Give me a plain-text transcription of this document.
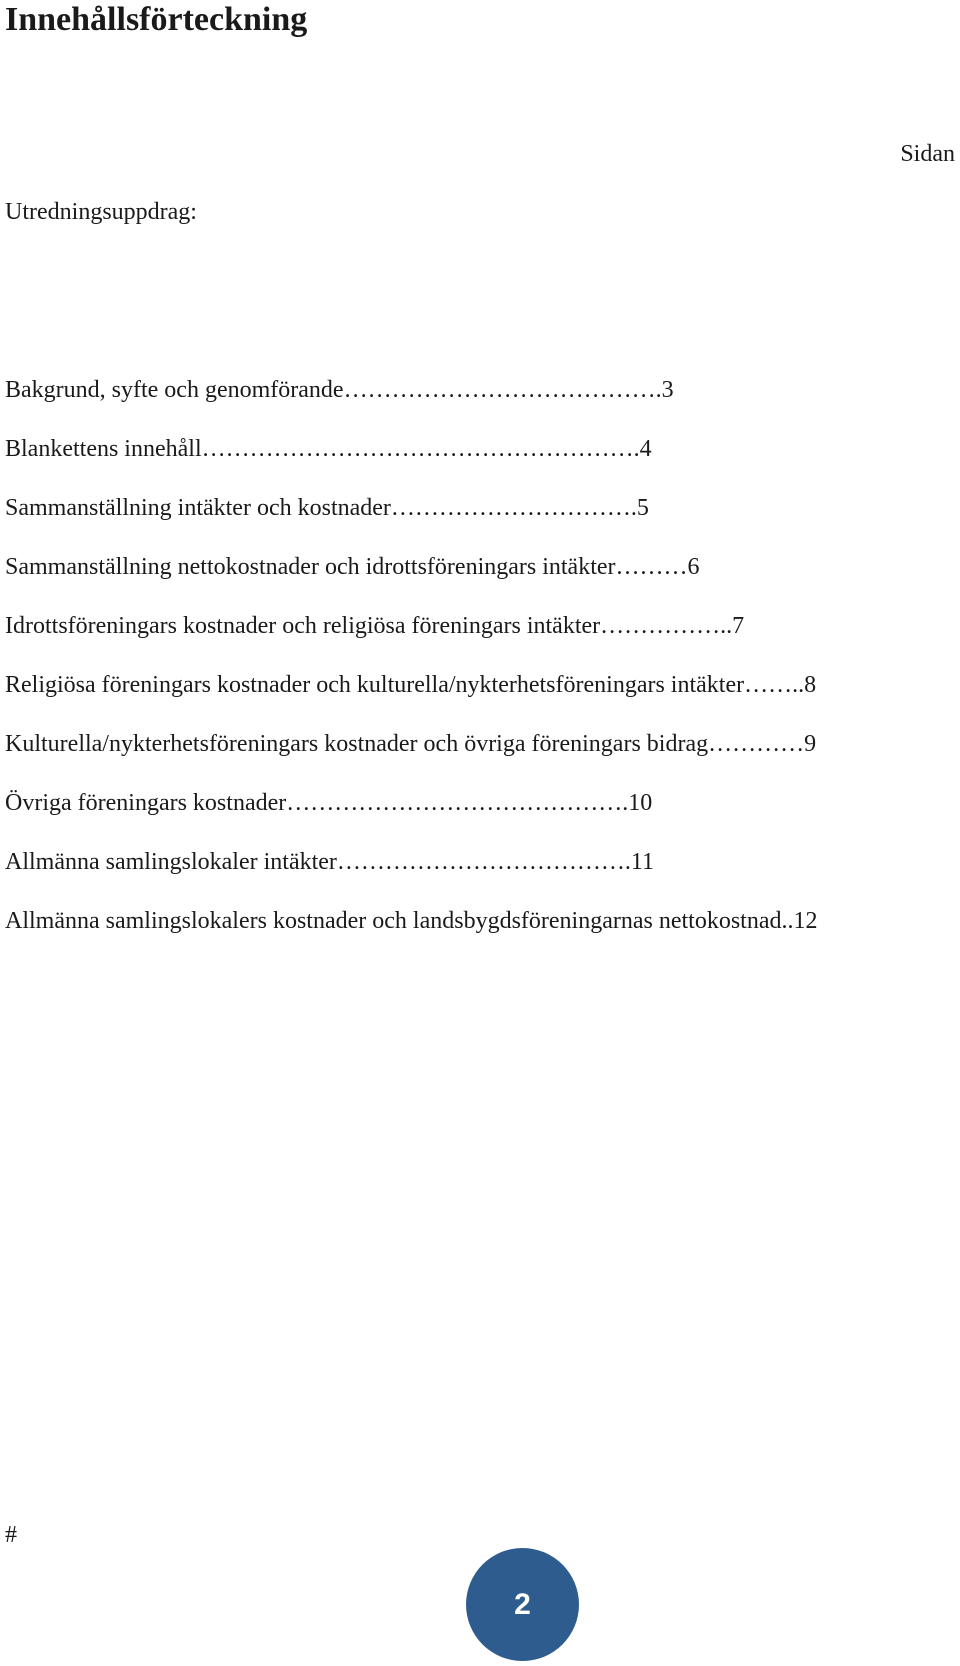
Innehållsförteckning
Sidan
Utredningsuppdrag:
Bakgrund, syfte och genomförande………………………………….3
Blankettens innehåll……………………………………………….4
Sammanställning intäkter och kostnader………………………….5
Sammanställning nettokostnader och idrottsföreningars intäkter………6
Idrottsföreningars kostnader och religiösa föreningars intäkter……………..7
Religiösa föreningars kostnader och kulturella/nykterhetsföreningars intäkter……..8
Kulturella/nykterhetsföreningars kostnader och övriga föreningars bidrag…………9
Övriga föreningars kostnader…………………………………….10
Allmänna samlingslokaler intäkter……………………………….11
Allmänna samlingslokalers kostnader och landsbygdsföreningarnas nettokostnad..12
#
2
